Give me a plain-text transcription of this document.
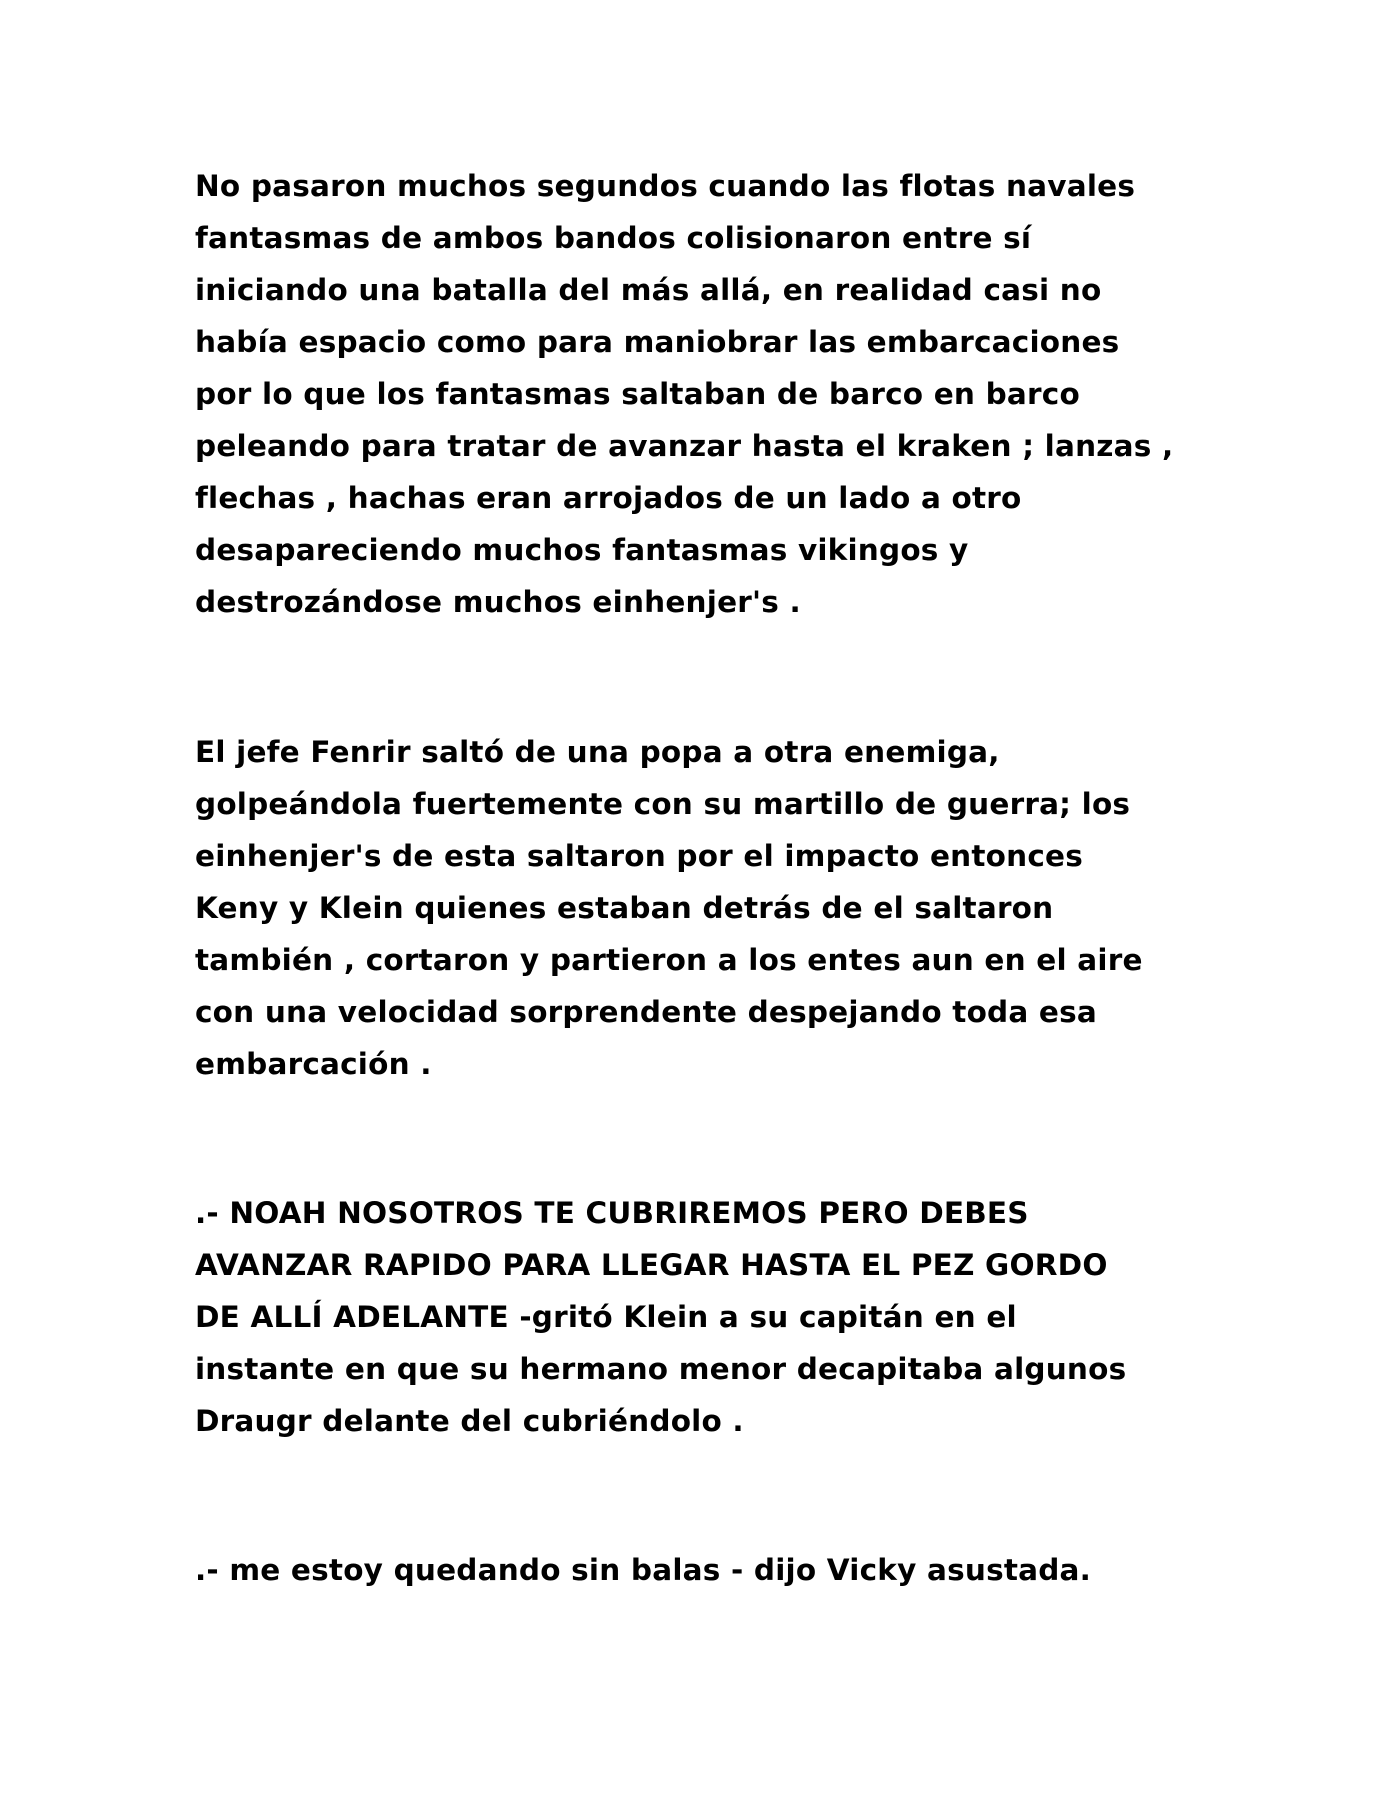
No pasaron muchos segundos cuando las flotas navales
fantasmas de ambos bandos colisionaron entre sí
iniciando una batalla del más allá, en realidad casi no
había espacio como para maniobrar las embarcaciones
por lo que los fantasmas saltaban de barco en barco
peleando para tratar de avanzar hasta el kraken ; lanzas ,
flechas , hachas eran arrojados de un lado a otro
desapareciendo muchos fantasmas vikingos y
destrozándose muchos einhenjer's .

El jefe Fenrir saltó de una popa a otra enemiga,
golpeándola fuertemente con su martillo de guerra; los
einhenjer's de esta saltaron por el impacto entonces
Keny y Klein quienes estaban detrás de el saltaron
también , cortaron y partieron a los entes aun en el aire
con una velocidad sorprendente despejando toda esa
embarcación .

.- NOAH NOSOTROS TE CUBRIREMOS PERO DEBES
AVANZAR RAPIDO PARA LLEGAR HASTA EL PEZ GORDO
DE ALLÍ ADELANTE -gritó Klein a su capitán en el
instante en que su hermano menor decapitaba algunos
Draugr delante del cubriéndolo .

.- me estoy quedando sin balas - dijo Vicky asustada.
